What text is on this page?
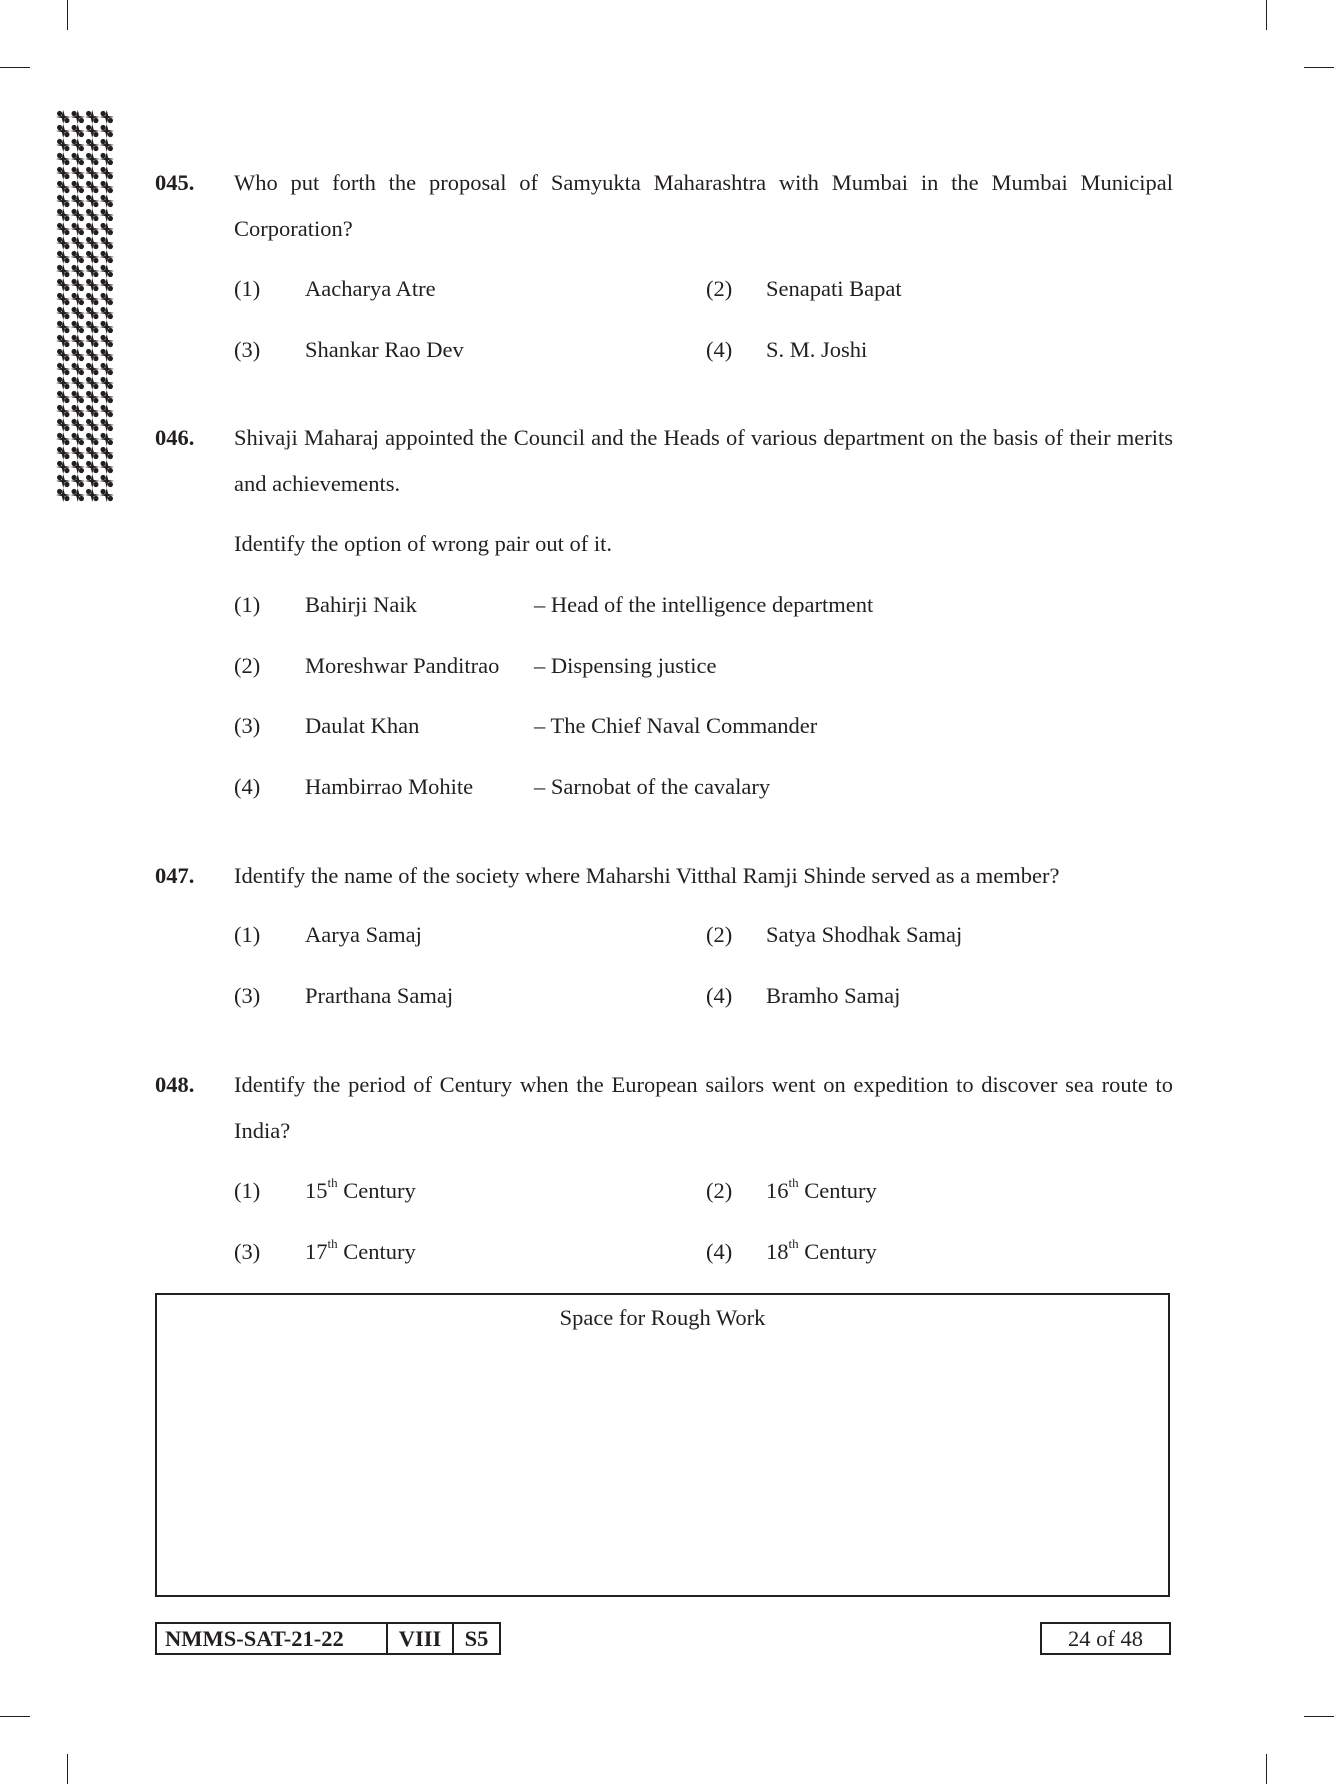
045. Who put forth the proposal of Samyukta Maharashtra with Mumbai in the Mumbai Municipal Corporation?
(1) Aacharya Atre	(2) Senapati Bapat
(3) Shankar Rao Dev	(4) S. M. Joshi
046. Shivaji Maharaj appointed the Council and the Heads of various department on the basis of their merits and achievements.
Identify the option of wrong pair out of it.
(1) Bahirji Naik	– Head of the intelligence department
(2) Moreshwar Panditrao – Dispensing justice
(3) Daulat Khan	– The Chief Naval Commander
(4) Hambirrao Mohite	– Sarnobat of the cavalary
047. Identify the name of the society where Maharshi Vitthal Ramji Shinde served as a member?
(1) Aarya Samaj	(2) Satya Shodhak Samaj
(3) Prarthana Samaj	(4) Bramho Samaj
048. Identify the period of Century when the European sailors went on expedition to discover sea route to India?
(1) 15th Century	(2) 16th Century
(3) 17th Century	(4) 18th Century
Space for Rough Work
NMMS-SAT-21-22	VIII	S5	24 of 48
